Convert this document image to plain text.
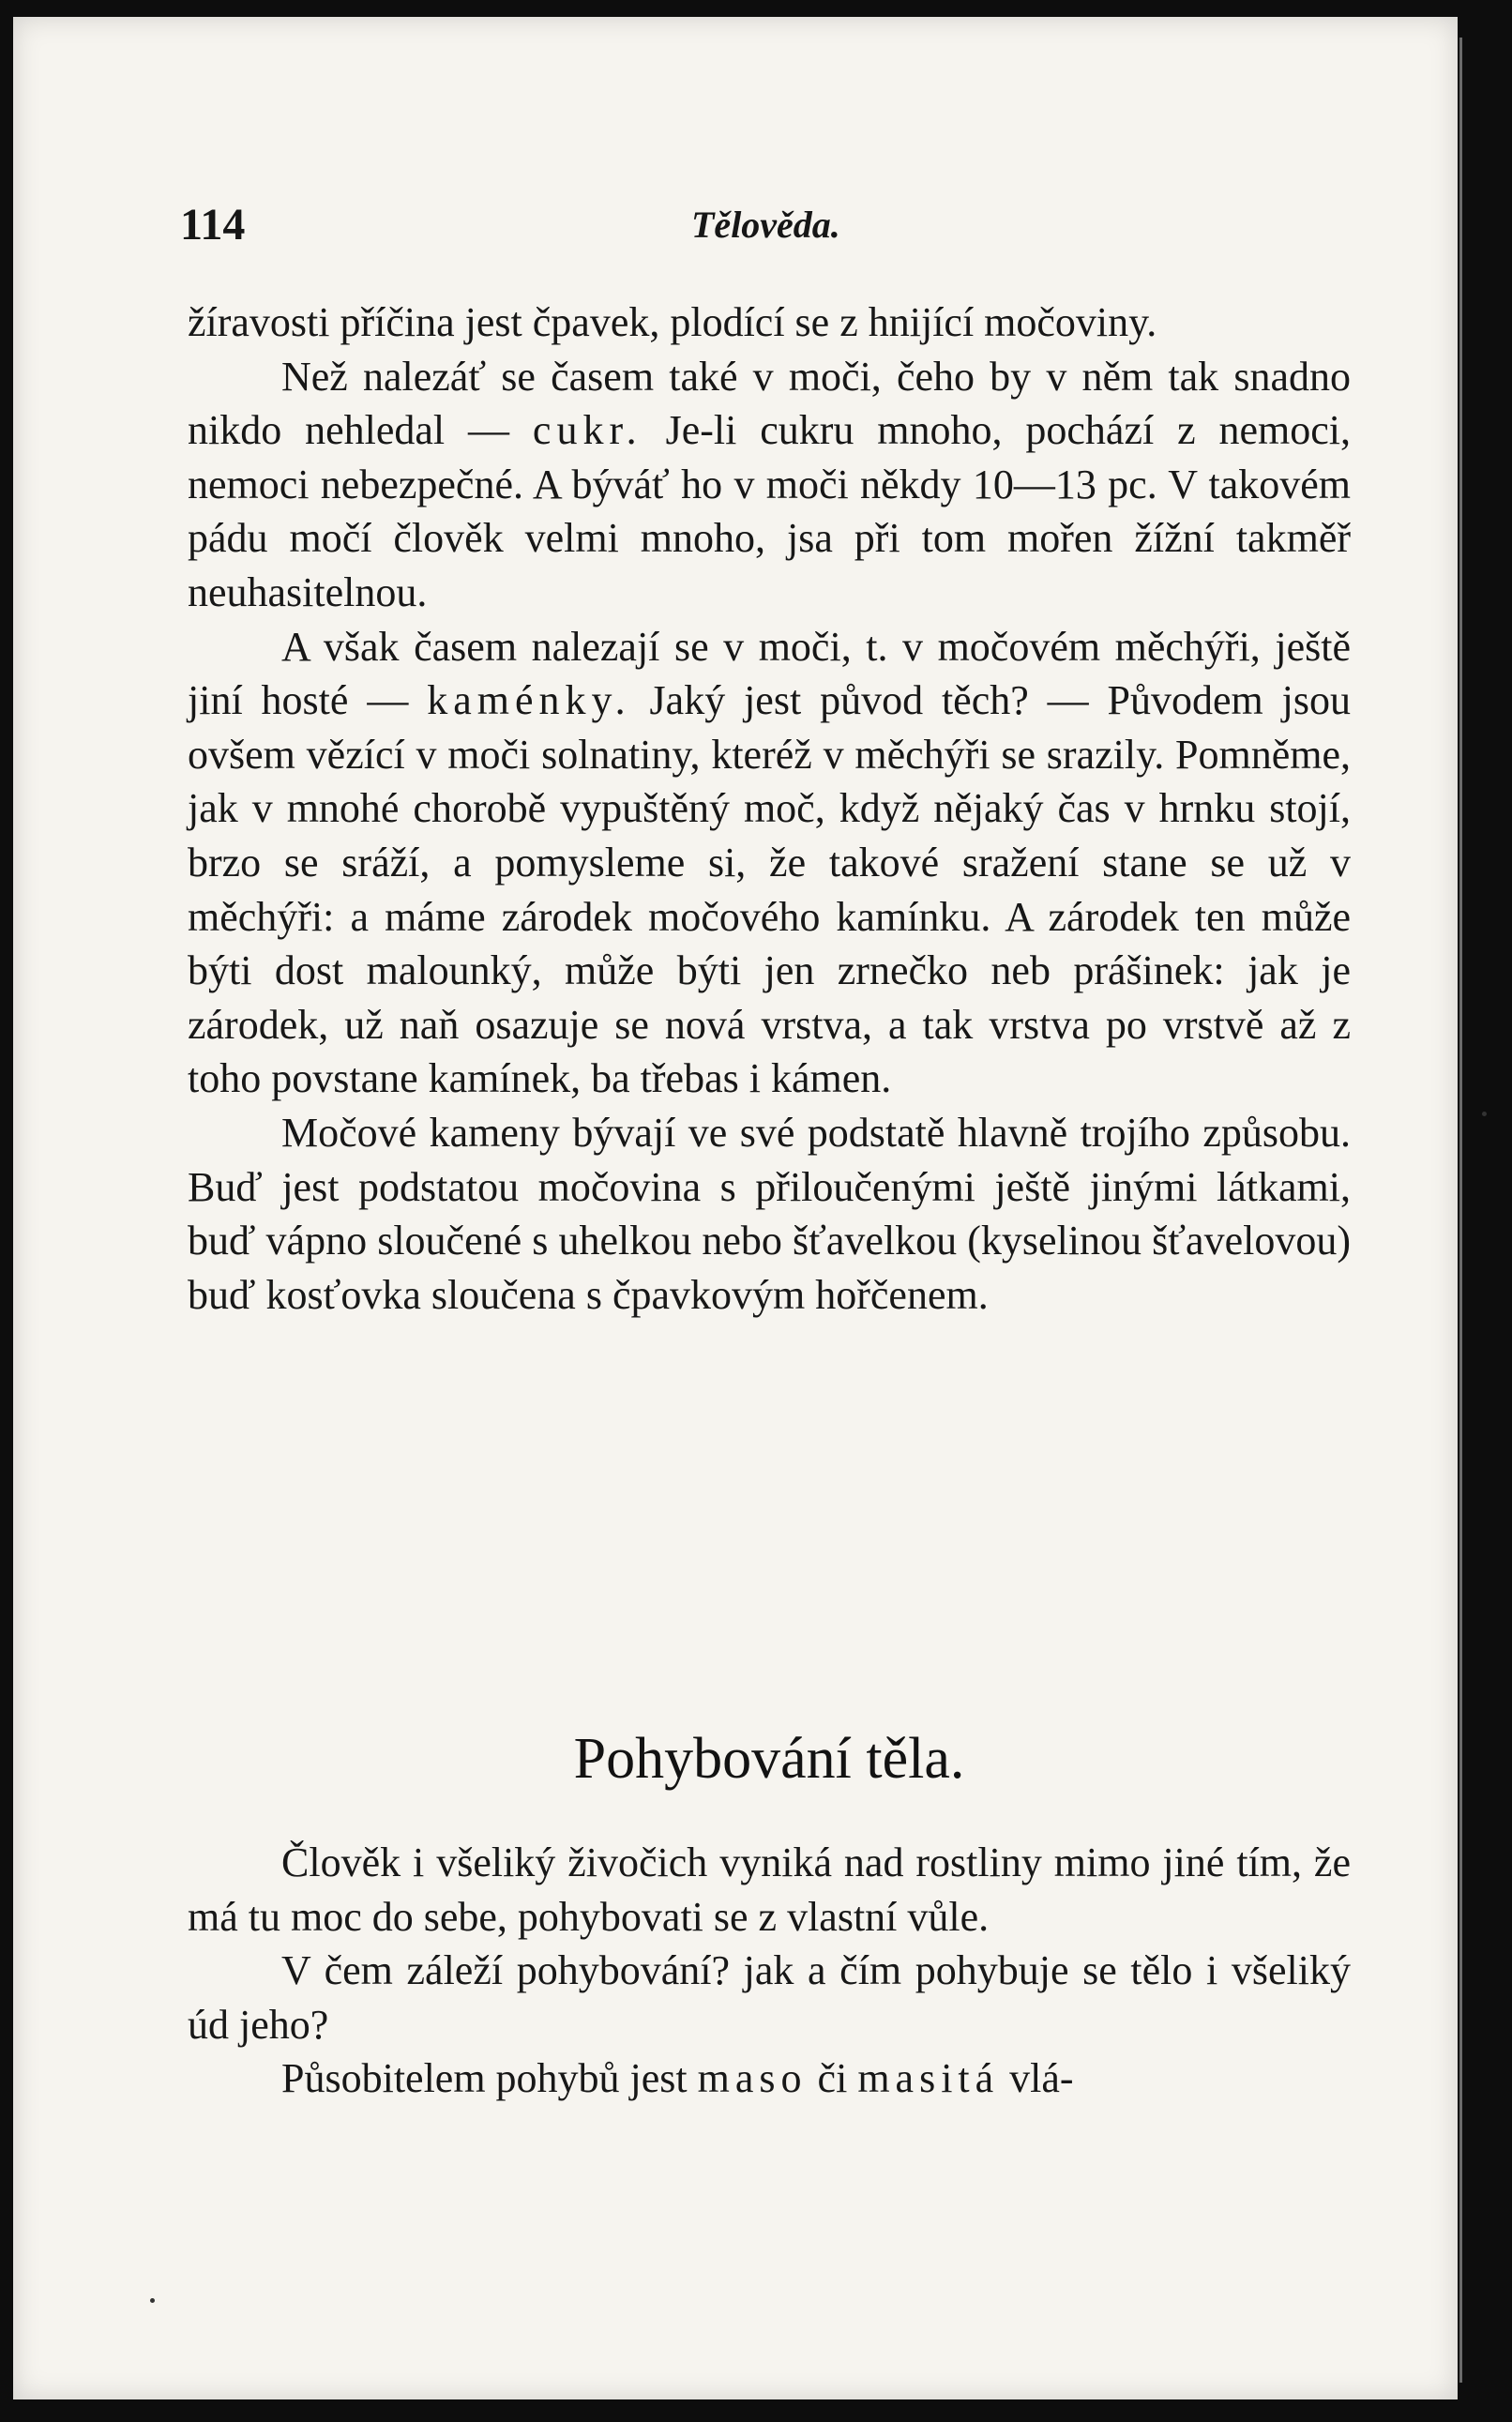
114	Tělověda.

žíravosti příčina jest čpavek, plodící se z hnijící močoviny.

Než nalezáť se časem také v moči, čeho by v něm tak snadno nikdo nehledal — cukr. Je-li cukru mnoho, pochází z nemoci, nemoci nebezpečné. A býváť ho v moči někdy 10—13 pc. V takovém pádu močí člověk velmi mnoho, jsa při tom mořen žížní takměř neuhasitelnou.

A však časem nalezají se v moči, t. v močovém měchýři, ještě jiní hosté — kaménky. Jaký jest původ těch? — Původem jsou ovšem vězící v moči solnatiny, kteréž v měchýři se srazily. Pomněme, jak v mnohé chorobě vypuštěný moč, když nějaký čas v hrnku stojí, brzo se sráží, a pomysleme si, že takové sražení stane se už v měchýři: a máme zárodek močového kamínku. A zárodek ten může býti dost malounký, může býti jen zrnečko neb prášinek: jak je zárodek, už naň osazuje se nová vrstva, a tak vrstva po vrstvě až z toho povstane kamínek, ba třebas i kámen.

Močové kameny bývají ve své podstatě hlavně trojího způsobu. Buď jest podstatou močovina s přiloučenými ještě jinými látkami, buď vápno sloučené s uhelkou nebo šťavelkou (kyselinou šťavelovou) buď kosťovka sloučena s čpavkovým hořčenem.

Pohybování těla.

Člověk i všeliký živočich vyniká nad rostliny mimo jiné tím, že má tu moc do sebe, pohybovati se z vlastní vůle.

V čem záleží pohybování? jak a čím pohybuje se tělo i všeliký úd jeho?

Působitelem pohybů jest maso či masitá vlá-
